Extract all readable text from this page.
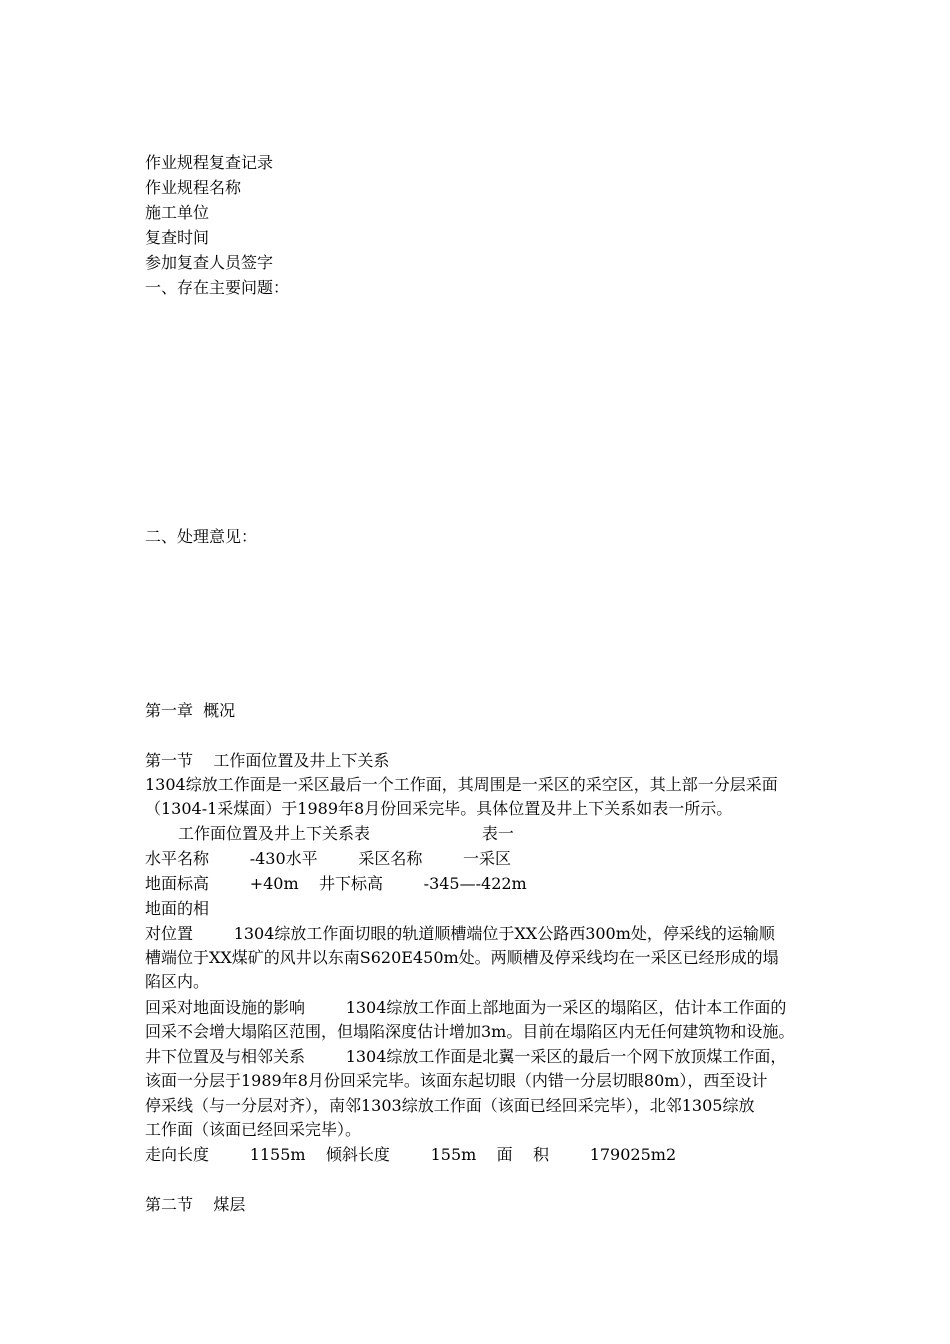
作业规程复查记录

作业规程名称

施工单位

复查时间

参加复查人员签字

一、存在主要问题：

二、处理意见：

第一章  概况

第一节    工作面位置及井上下关系

1304综放工作面是一采区最后一个工作面，其周围是一采区的采空区，其上部一分层采面

（1304-1采煤面）于1989年8月份回采完毕。具体位置及井上下关系如表一所示。

工作面位置及井上下关系表                      表一

水平名称        -430水平        采区名称        一采区

地面标高        +40m    井下标高        -345—-422m

地面的相

对位置        1304综放工作面切眼的轨道顺槽端位于XX公路西300m处，停采线的运输顺

槽端位于XX煤矿的风井以东南S620E450m处。两顺槽及停采线均在一采区已经形成的塌

陷区内。

回采对地面设施的影响        1304综放工作面上部地面为一采区的塌陷区，估计本工作面的

回采不会增大塌陷区范围，但塌陷深度估计增加3m。目前在塌陷区内无任何建筑物和设施。

井下位置及与相邻关系        1304综放工作面是北翼一采区的最后一个网下放顶煤工作面，

该面一分层于1989年8月份回采完毕。该面东起切眼（内错一分层切眼80m），西至设计

停采线（与一分层对齐），南邻1303综放工作面（该面已经回采完毕），北邻1305综放

工作面（该面已经回采完毕）。

走向长度        1155m    倾斜长度        155m    面    积        179025m2

第二节    煤层
